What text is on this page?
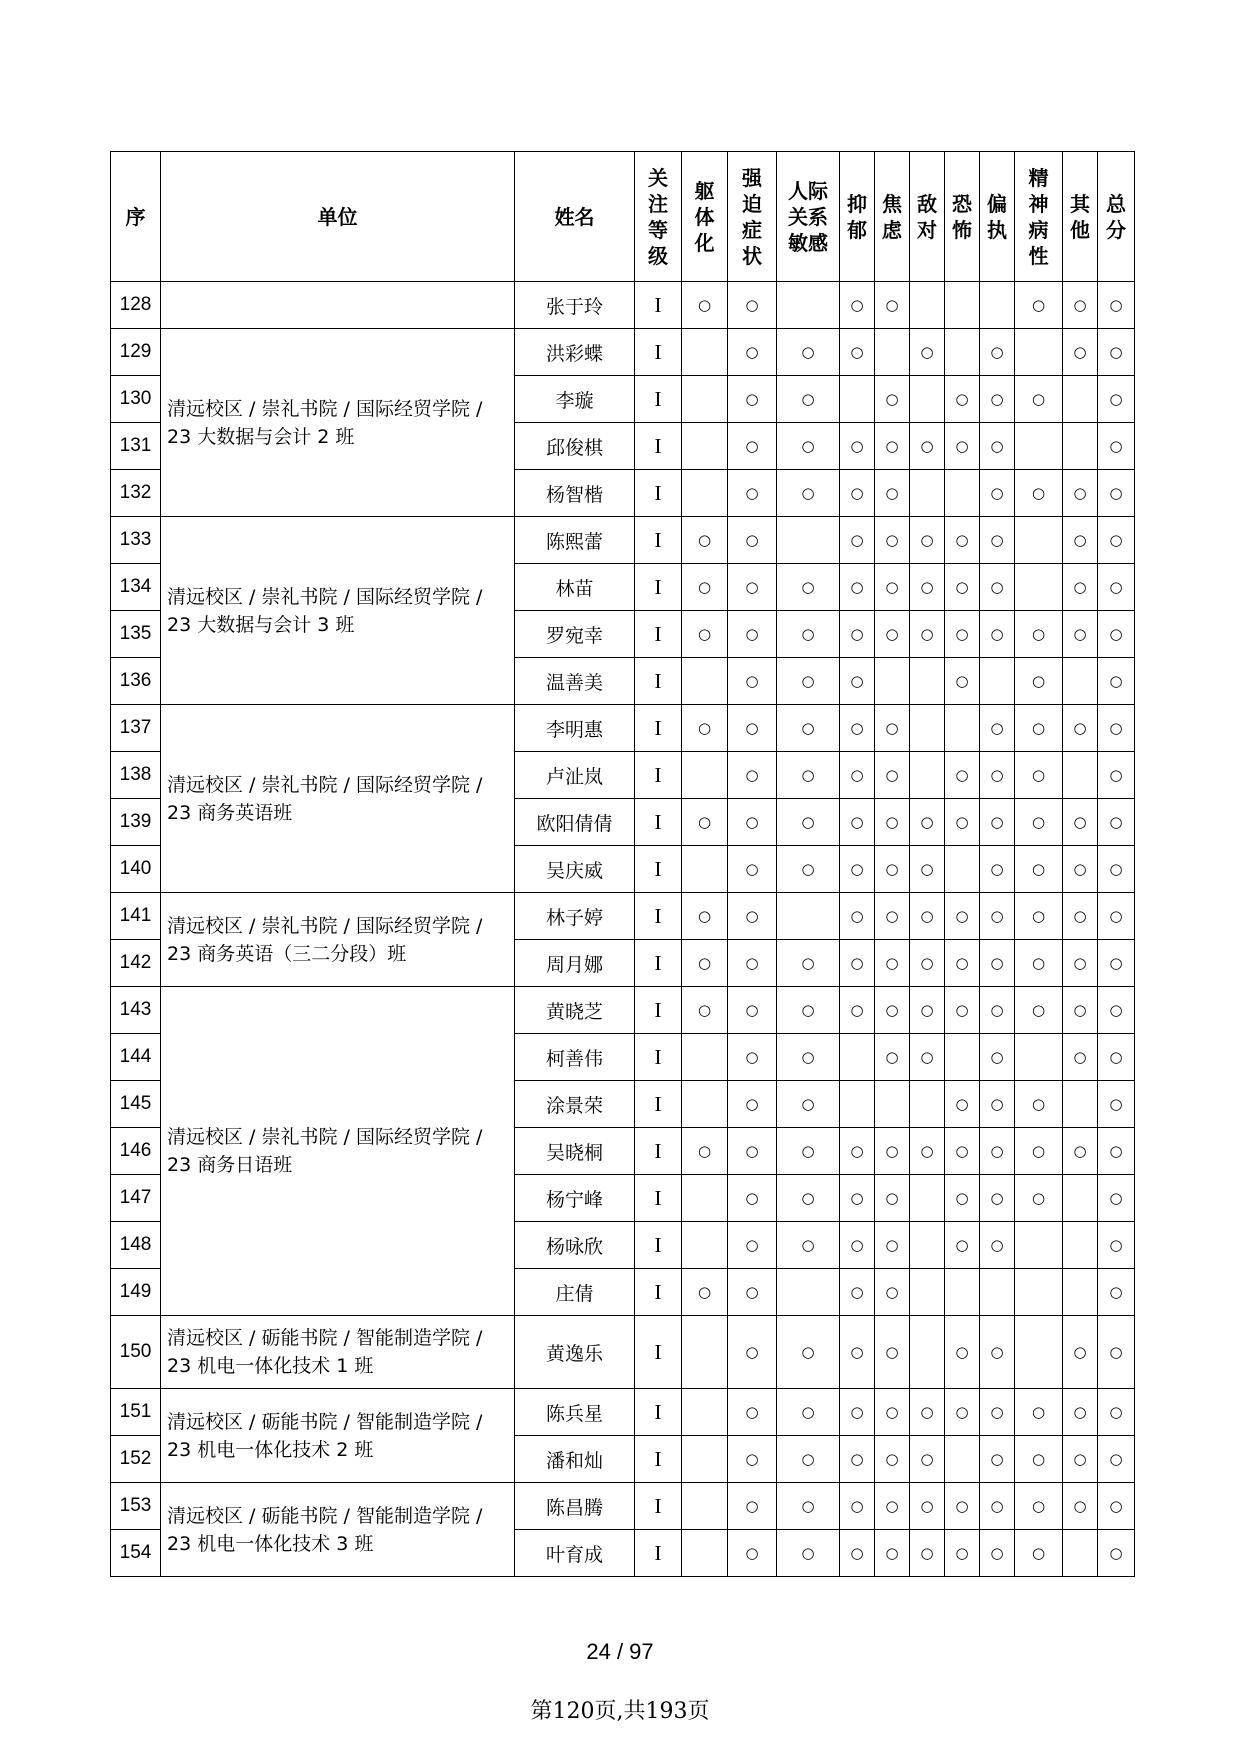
序	单位	姓名	关
注
等
级	躯
体
化	强
迫
症
状	人际
关系
敏感	抑
郁	焦
虑	敌
对	恐
怖	偏
执	精
神
病
性	其
他	总
分

128		张于玲	I	○	○		○	○				○	○	○
129	清远校区 / 崇礼书院 / 国际经贸学院 / 23 大数据与会计 2 班	洪彩蝶	I		○	○	○		○		○		○	○
130		李璇	I		○	○		○		○	○	○		○
131		邱俊棋	I		○	○	○	○	○	○	○			○
132		杨智楷	I		○	○	○	○			○	○	○	○
133	清远校区 / 崇礼书院 / 国际经贸学院 / 23 大数据与会计 3 班	陈熙蕾	I	○	○		○	○	○	○	○		○	○
134		林苗	I	○	○	○	○	○	○	○	○		○	○
135		罗宛幸	I	○	○	○	○	○	○	○	○	○	○	○
136		温善美	I		○	○	○			○		○		○
137	清远校区 / 崇礼书院 / 国际经贸学院 / 23 商务英语班	李明惠	I	○	○	○	○	○			○	○	○	○
138		卢沚岚	I		○	○	○	○		○	○	○		○
139		欧阳倩倩	I	○	○	○	○	○	○	○	○	○	○	○
140		吴庆威	I		○	○	○	○	○		○	○	○	○
141	清远校区 / 崇礼书院 / 国际经贸学院 / 23 商务英语（三二分段）班	林子婷	I	○	○		○	○	○	○	○	○	○	○
142		周月娜	I	○	○	○	○	○	○	○	○	○	○	○
143	清远校区 / 崇礼书院 / 国际经贸学院 / 23 商务日语班	黄晓芝	I	○	○	○	○	○	○	○	○	○	○	○
144		柯善伟	I		○	○		○	○		○		○	○
145		涂景荣	I		○	○				○	○	○		○
146		吴晓桐	I	○	○	○	○	○	○	○	○	○	○	○
147		杨宁峰	I		○	○	○	○		○	○	○		○
148		杨咏欣	I		○	○	○	○		○	○			○
149		庄倩	I	○	○		○	○						○
150	清远校区 / 砺能书院 / 智能制造学院 / 23 机电一体化技术 1 班	黄逸乐	I		○	○	○	○		○	○		○	○
151	清远校区 / 砺能书院 / 智能制造学院 / 23 机电一体化技术 2 班	陈兵星	I		○	○	○	○	○	○	○	○	○	○
152		潘和灿	I		○	○	○	○	○		○	○	○	○
153	清远校区 / 砺能书院 / 智能制造学院 / 23 机电一体化技术 3 班	陈昌腾	I		○	○	○	○	○	○	○	○	○	○
154		叶育成	I		○	○	○	○	○	○	○	○		○
24 / 97
第120页,共193页
